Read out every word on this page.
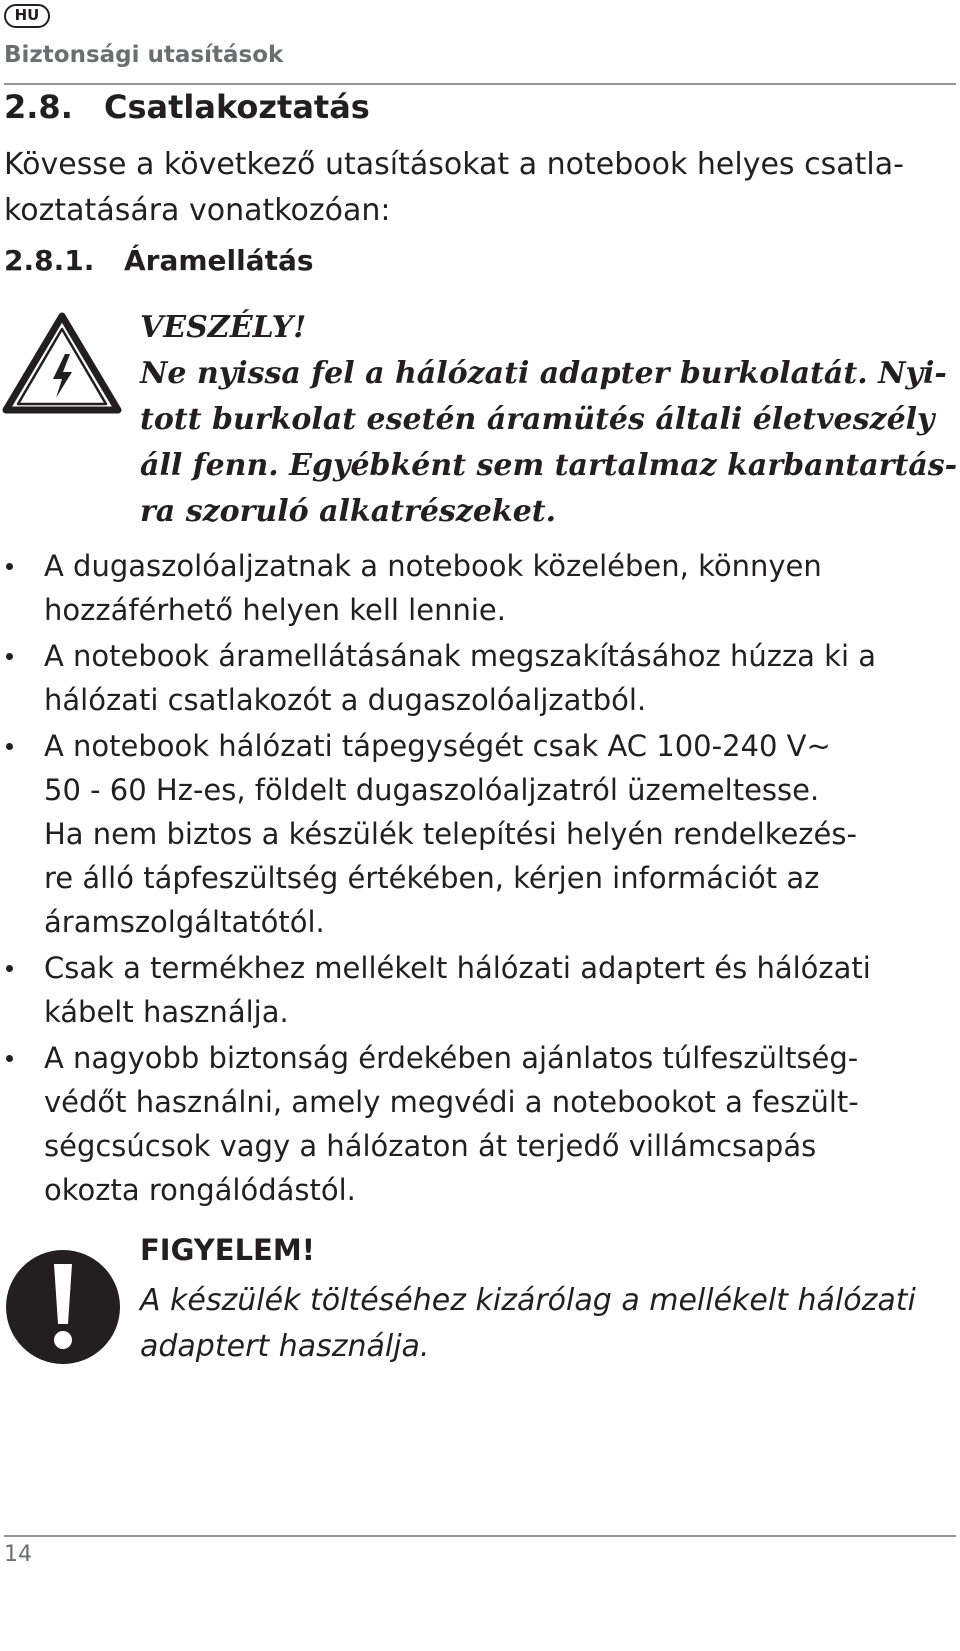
HU
Biztonsági utasítások
2.8. Csatlakoztatás
Kövesse a következő utasításokat a notebook helyes csatla-
koztatására vonatkozóan:
2.8.1. Áramellátás
VESZÉLY!
Ne nyissa fel a hálózati adapter burkolatát. Nyi-
tott burkolat esetén áramütés általi életveszély
áll fenn. Egyébként sem tartalmaz karbantartás-
ra szoruló alkatrészeket.
A dugaszolóaljzatnak a notebook közelében, könnyen
hozzáférhető helyen kell lennie.
A notebook áramellátásának megszakításához húzza ki a
hálózati csatlakozót a dugaszolóaljzatból.
A notebook hálózati tápegységét csak AC 100-240 V~
50 - 60 Hz-es, földelt dugaszolóaljzatról üzemeltesse.
Ha nem biztos a készülék telepítési helyén rendelkezés-
re álló tápfeszültség értékében, kérjen információt az
áramszolgáltatótól.
Csak a termékhez mellékelt hálózati adaptert és hálózati
kábelt használja.
A nagyobb biztonság érdekében ajánlatos túlfeszültség-
védőt használni, amely megvédi a notebookot a feszült-
ségcsúcsok vagy a hálózaton át terjedő villámcsapás
okozta rongálódástól.
FIGYELEM!
A készülék töltéséhez kizárólag a mellékelt hálózati
adaptert használja.
14
